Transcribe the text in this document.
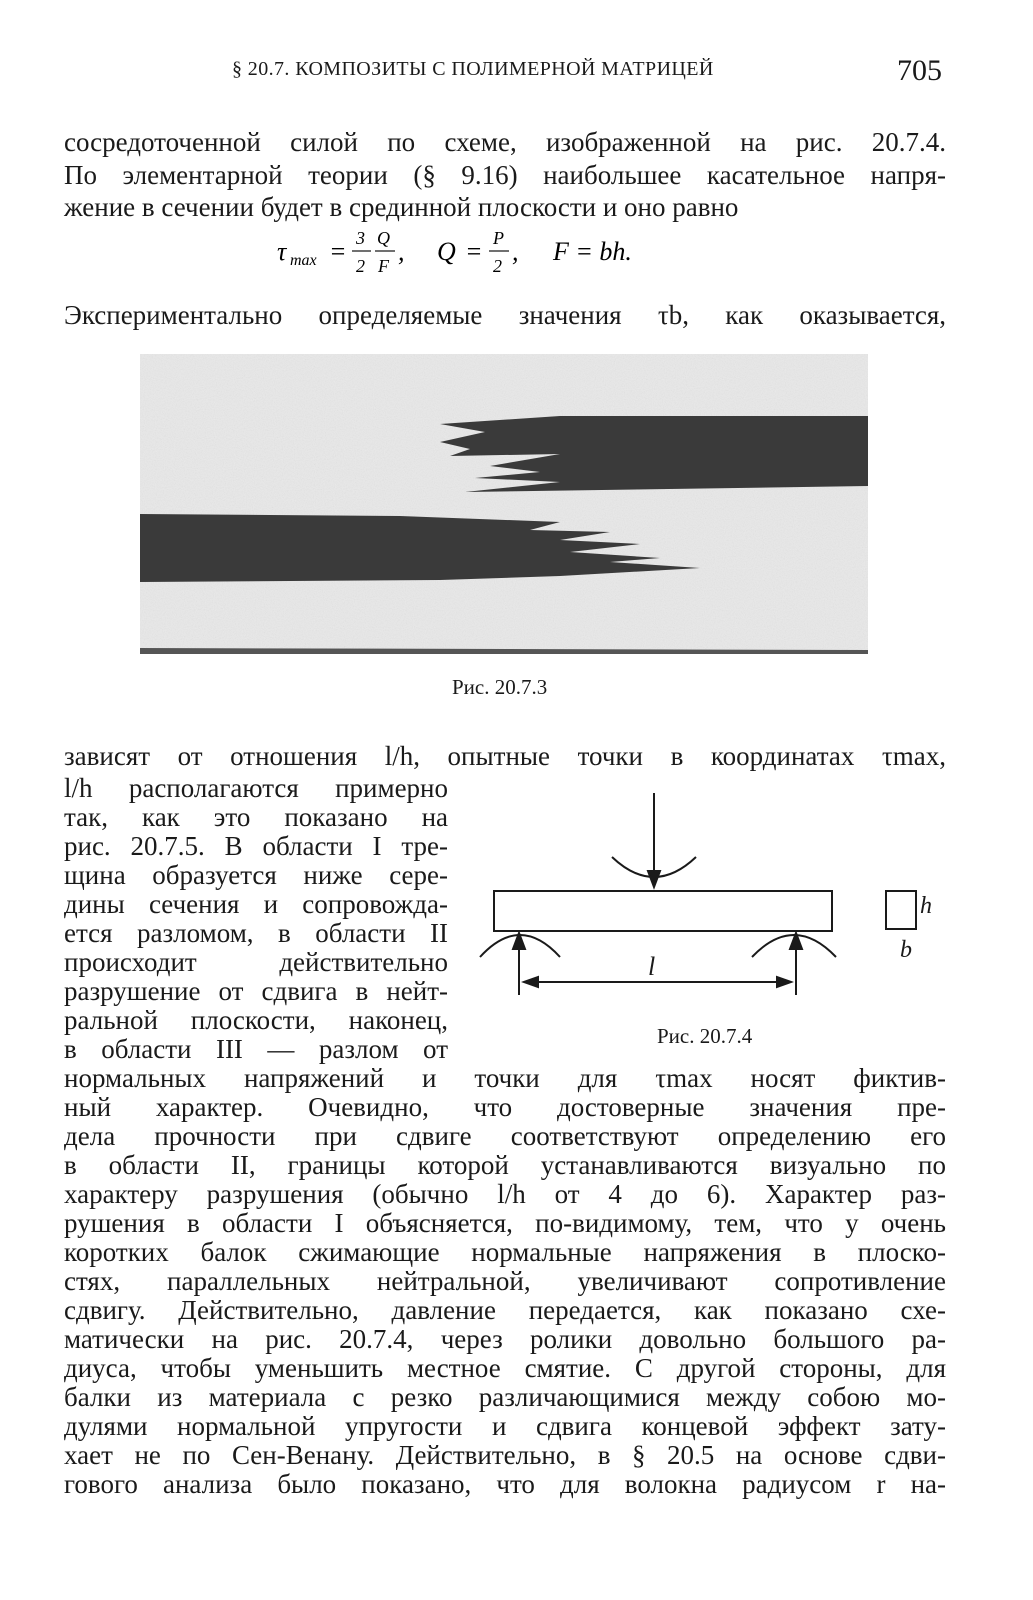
§ 20.7. КОМПОЗИТЫ С ПОЛИМЕРНОЙ МАТРИЦЕЙ	705
сосредоточенной силой по схеме, изображенной на рис. 20.7.4.
По элементарной теории (§ 9.16) наибольшее касательное напря-
жение в сечении будет в срединной плоскости и оно равно
τ max = 3
2
Q
F , Q = P
2 , F = bh.
Экспериментально определяемые значения τb, как оказывается,
Рис. 20.7.3
зависят от отношения l/h, опытные точки в координатах τmax,
l/h располагаются примерно
так, как это показано на
рис. 20.7.5. В области I тре-
щина образуется ниже сере-
дины сечения и сопровожда-
ется разломом, в области II
происходит действительно
разрушение от сдвига в нейт-
ральной плоскости, наконец,
в области III — разлом от
l
h
b
Рис. 20.7.4
нормальных напряжений и точки для τmax носят фиктив-
ный характер. Очевидно, что достоверные значения пре-
дела прочности при сдвиге соответствуют определению его
в области II, границы которой устанавливаются визуально по
характеру разрушения (обычно l/h от 4 до 6). Характер раз-
рушения в области I объясняется, по-видимому, тем, что у очень
коротких балок сжимающие нормальные напряжения в плоско-
стях, параллельных нейтральной, увеличивают сопротивление
сдвигу. Действительно, давление передается, как показано схе-
матически на рис. 20.7.4, через ролики довольно большого ра-
диуса, чтобы уменьшить местное смятие. С другой стороны, для
балки из материала с резко различающимися между собою мо-
дулями нормальной упругости и сдвига концевой эффект зату-
хает не по Сен-Венану. Действительно, в § 20.5 на основе сдви-
гового анализа было показано, что для волокна радиусом r на-
